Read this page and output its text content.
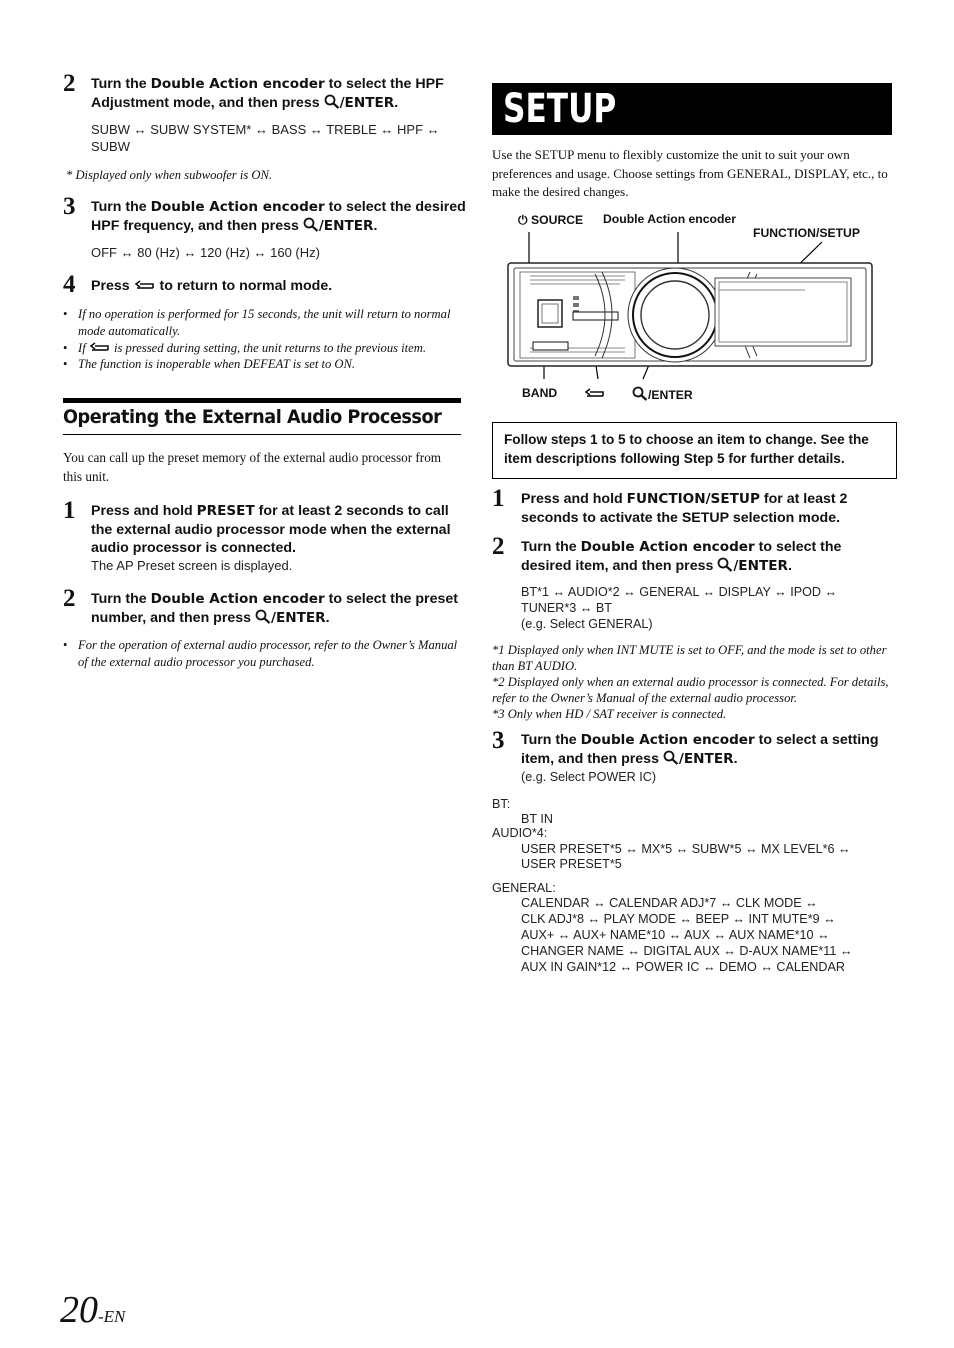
2 Turn the Double Action encoder to select the HPF Adjustment mode, and then press /ENTER.
SUBW ↔ SUBW SYSTEM* ↔ BASS ↔ TREBLE ↔ HPF ↔ SUBW
* Displayed only when subwoofer is ON.
3 Turn the Double Action encoder to select the desired HPF frequency, and then press /ENTER.
OFF ↔ 80 (Hz) ↔ 120 (Hz) ↔ 160 (Hz)
4 Press  to return to normal mode.
• If no operation is performed for 15 seconds, the unit will return to normal mode automatically.
• If  is pressed during setting, the unit returns to the previous item.
• The function is inoperable when DEFEAT is set to ON.
Operating the External Audio Processor
You can call up the preset memory of the external audio processor from this unit.
1 Press and hold PRESET for at least 2 seconds to call the external audio processor mode when the external audio processor is connected.
The AP Preset screen is displayed.
2 Turn the Double Action encoder to select the preset number, and then press /ENTER.
• For the operation of external audio processor, refer to the Owner’s Manual of the external audio processor you purchased.
SETUP
Use the SETUP menu to flexibly customize the unit to suit your own preferences and usage. Choose settings from GENERAL, DISPLAY, etc., to make the desired changes.
⏻ SOURCE Double Action encoder
FUNCTION/SETUP
BAND	/ENTER
Follow steps 1 to 5 to choose an item to change. See the item descriptions following Step 5 for further details.
1 Press and hold FUNCTION/SETUP for at least 2 seconds to activate the SETUP selection mode.
2 Turn the Double Action encoder to select the desired item, and then press /ENTER.
BT*1 ↔ AUDIO*2 ↔ GENERAL ↔ DISPLAY ↔ IPOD ↔
TUNER*3 ↔ BT
(e.g. Select GENERAL)
*1 Displayed only when INT MUTE is set to OFF, and the mode is set to other than BT AUDIO.
*2 Displayed only when an external audio processor is connected. For details, refer to the Owner’s Manual of the external audio processor.
*3 Only when HD / SAT receiver is connected.
3 Turn the Double Action encoder to select a setting item, and then press /ENTER.
(e.g. Select POWER IC)
BT:
BT IN
AUDIO*4:
USER PRESET*5 ↔ MX*5 ↔ SUBW*5 ↔ MX LEVEL*6 ↔
USER PRESET*5
GENERAL:
CALENDAR ↔ CALENDAR ADJ*7 ↔ CLK MODE ↔
CLK ADJ*8 ↔ PLAY MODE ↔ BEEP ↔ INT MUTE*9 ↔
AUX+ ↔ AUX+ NAME*10 ↔ AUX ↔ AUX NAME*10 ↔
CHANGER NAME ↔ DIGITAL AUX ↔ D-AUX NAME*11 ↔
AUX IN GAIN*12 ↔ POWER IC ↔ DEMO ↔ CALENDAR
20-EN
